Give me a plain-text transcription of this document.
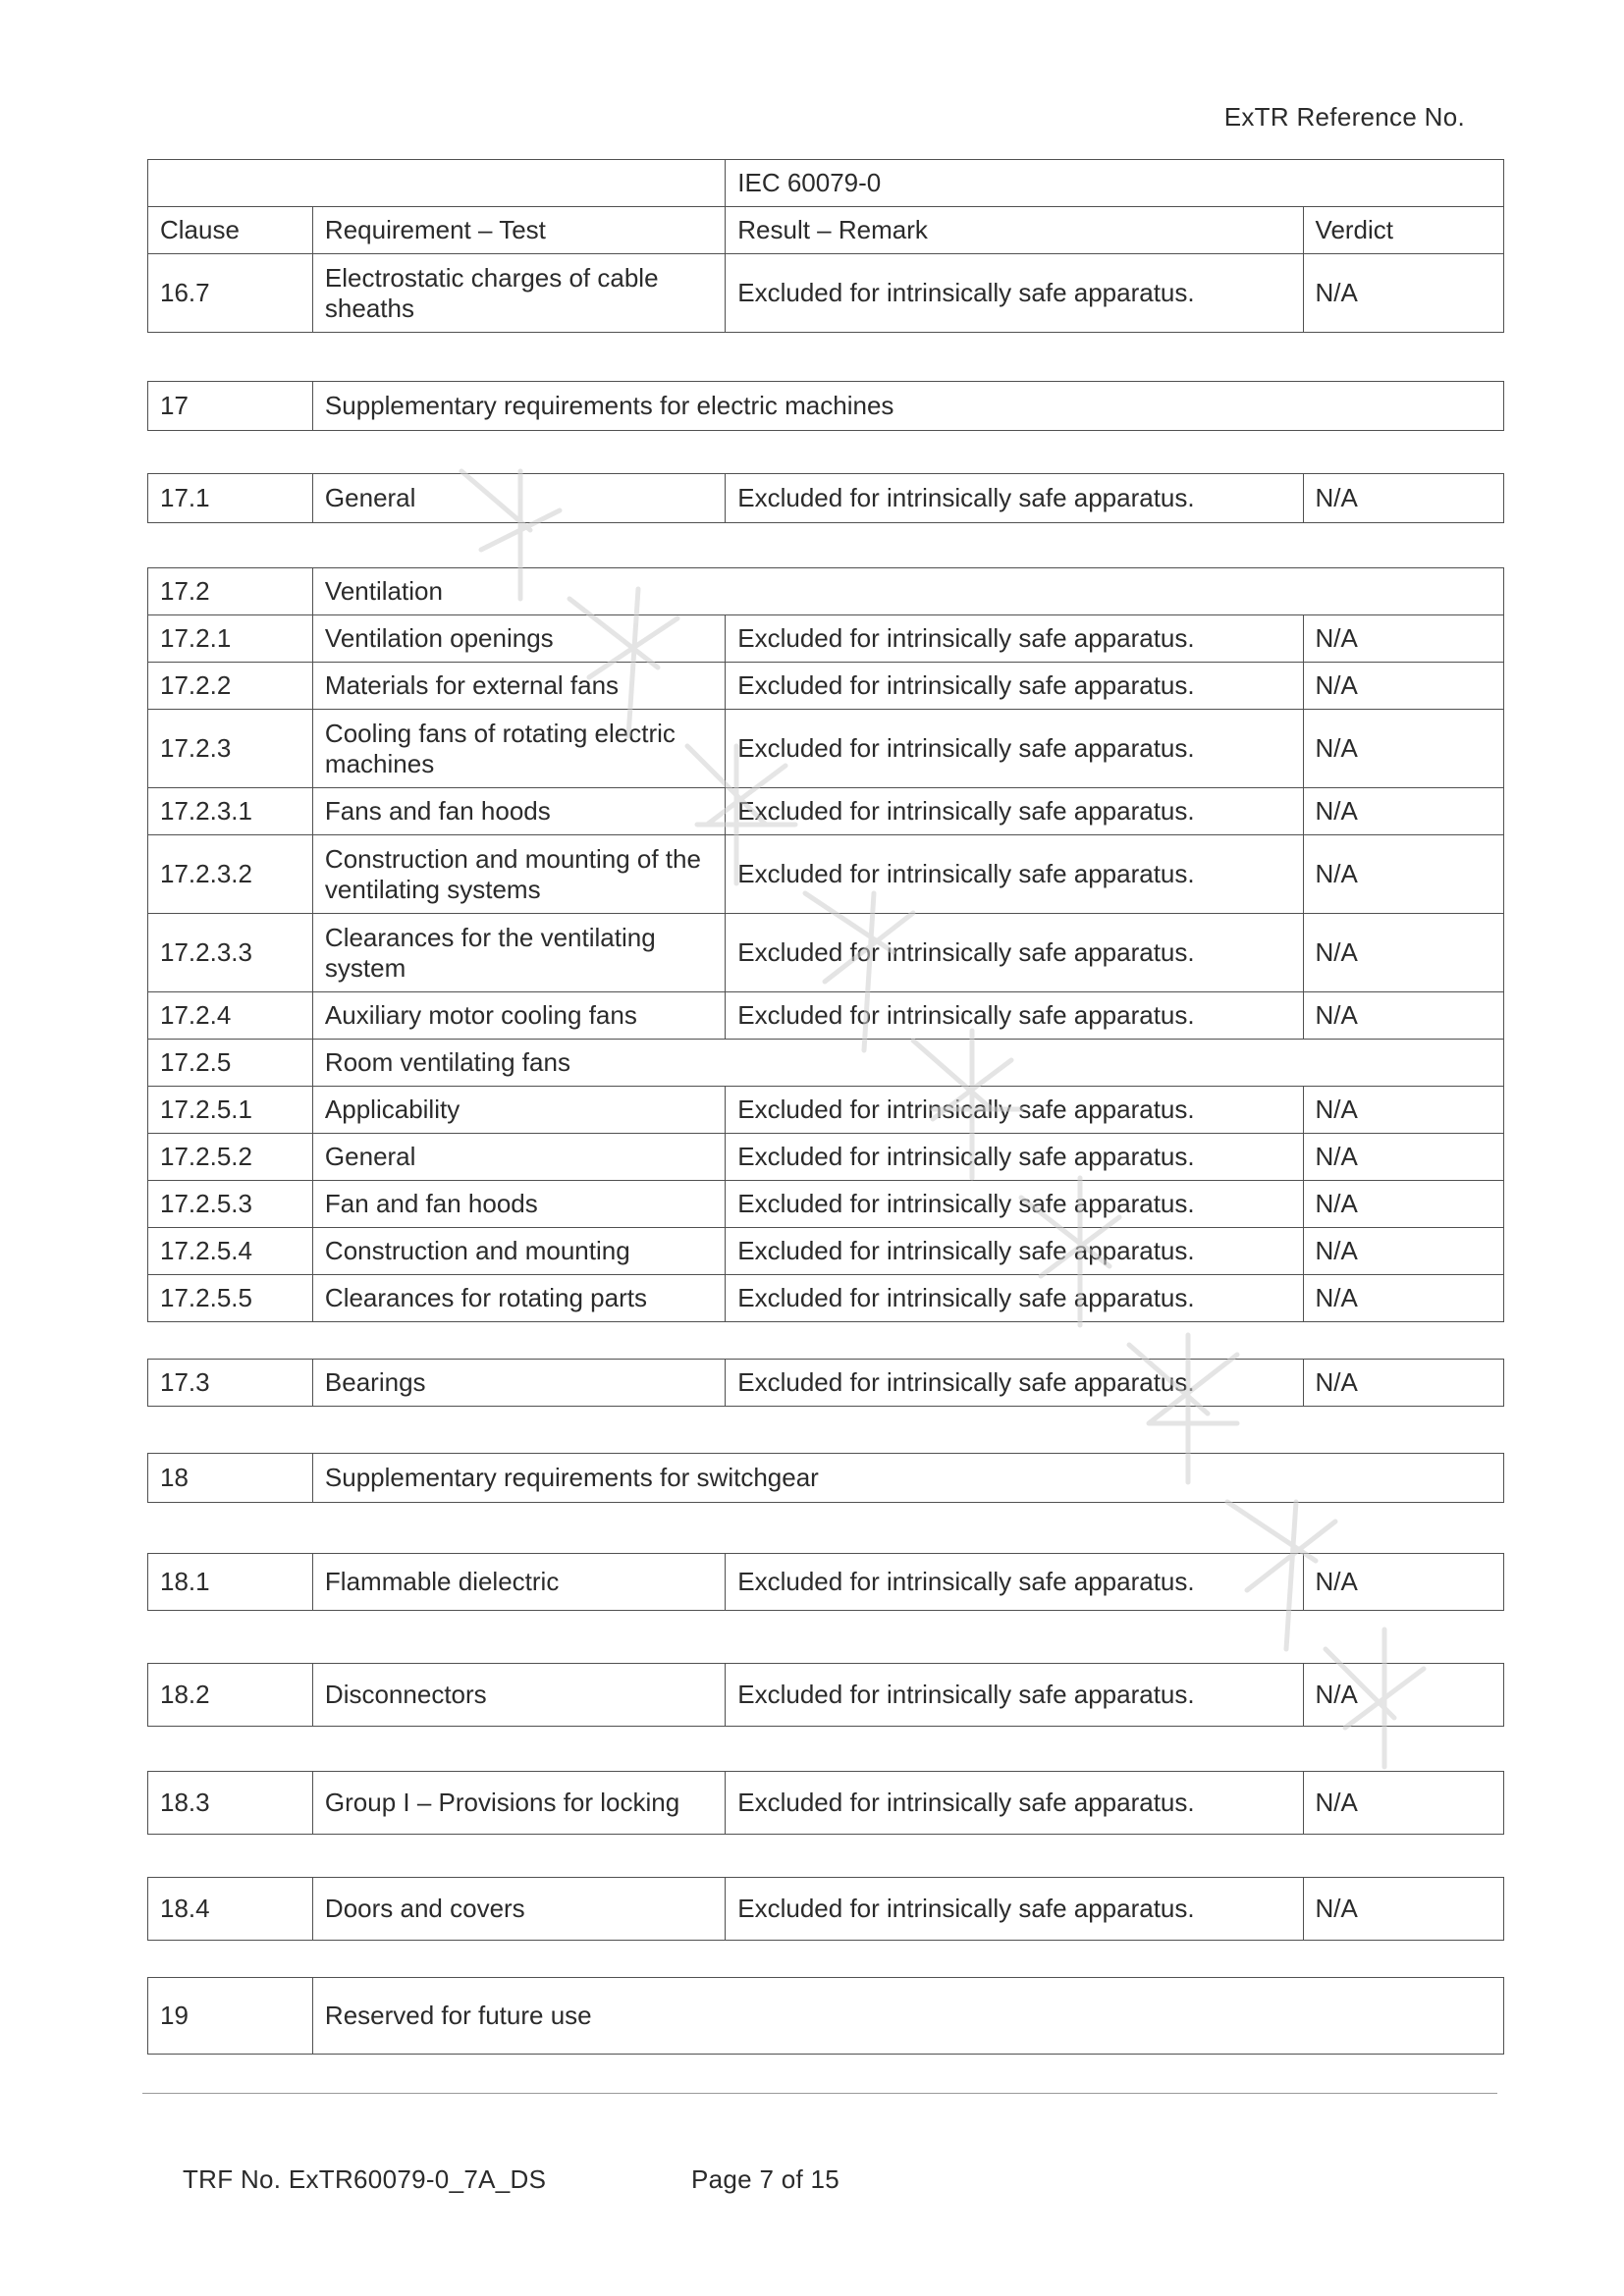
ExTR Reference No.
		IEC 60079-0	
Clause	Requirement – Test	Result – Remark	Verdict
16.7	Electrostatic charges of cable sheaths	Excluded for intrinsically safe apparatus.	N/A
17	Supplementary requirements for electric machines
17.1	General	Excluded for intrinsically safe apparatus.	N/A
17.2	Ventilation		
17.2.1	Ventilation openings	Excluded for intrinsically safe apparatus.	N/A
17.2.2	Materials for external fans	Excluded for intrinsically safe apparatus.	N/A
17.2.3	Cooling fans of rotating electric machines	Excluded for intrinsically safe apparatus.	N/A
17.2.3.1	Fans and fan hoods	Excluded for intrinsically safe apparatus.	N/A
17.2.3.2	Construction and mounting of the ventilating systems	Excluded for intrinsically safe apparatus.	N/A
17.2.3.3	Clearances for the ventilating system	Excluded for intrinsically safe apparatus.	N/A
17.2.4	Auxiliary motor cooling fans	Excluded for intrinsically safe apparatus.	N/A
17.2.5	Room ventilating fans		
17.2.5.1	Applicability	Excluded for intrinsically safe apparatus.	N/A
17.2.5.2	General	Excluded for intrinsically safe apparatus.	N/A
17.2.5.3	Fan and fan hoods	Excluded for intrinsically safe apparatus.	N/A
17.2.5.4	Construction and mounting	Excluded for intrinsically safe apparatus.	N/A
17.2.5.5	Clearances for rotating parts	Excluded for intrinsically safe apparatus.	N/A
17.3	Bearings	Excluded for intrinsically safe apparatus.	N/A
18	Supplementary requirements for switchgear
18.1	Flammable dielectric	Excluded for intrinsically safe apparatus.	N/A
18.2	Disconnectors	Excluded for intrinsically safe apparatus.	N/A
18.3	Group I – Provisions for locking	Excluded for intrinsically safe apparatus.	N/A
18.4	Doors and covers	Excluded for intrinsically safe apparatus.	N/A
19	Reserved for future use
TRF No. ExTR60079-0_7A_DS	Page 7 of 15
